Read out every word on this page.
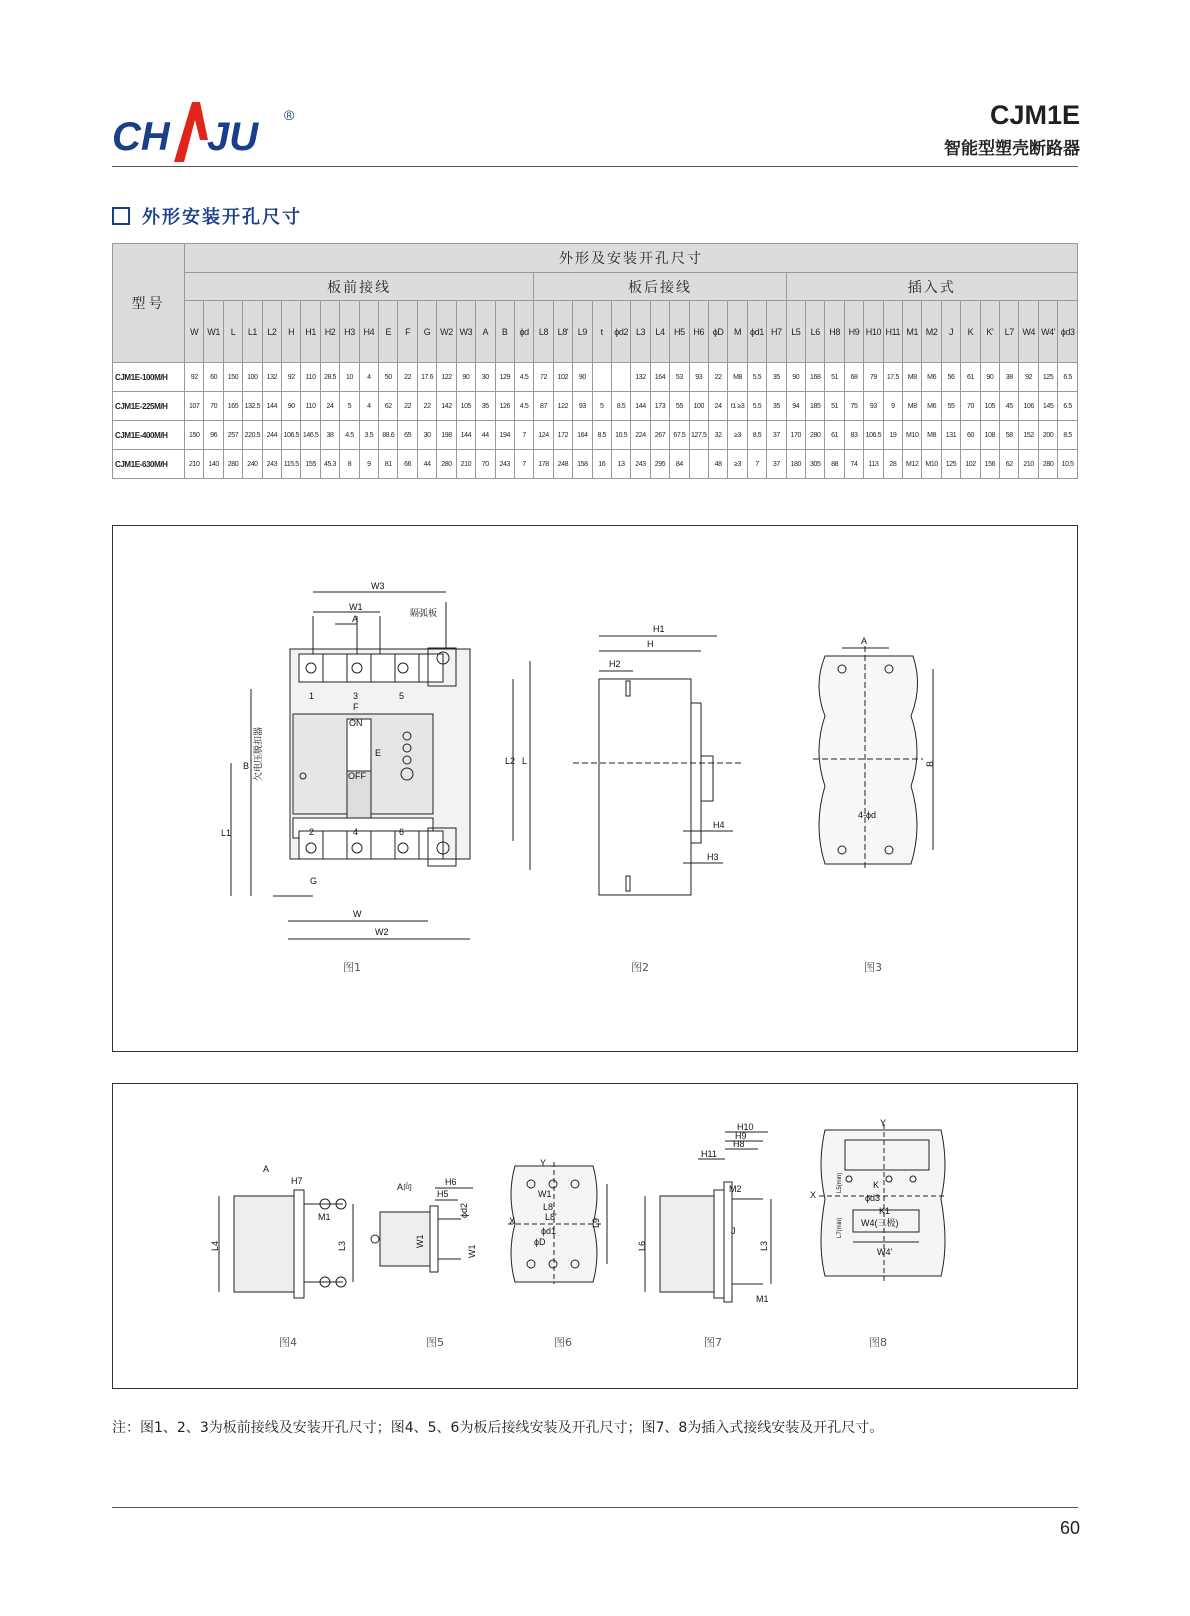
CH JU ®	CJM1E
智能型塑壳断路器
外形安装开孔尺寸
型号	外形及安装开孔尺寸																																													
	板前接线																		板后接线													插入式														
	W	W1	L	L1	L2	H	H1	H2	H3	H4	E	F	G	W2	W3	A	B	ϕd	L8	L8'	L9	t	ϕd2	L3	L4	H5	H6	ϕD	M	ϕd1	H7	L5	L6	H8	H9	H10	H11	M1	M2	J	K	K'	L7	W4	W4'	ϕd3
CJM1E-100M/H	92	60	150	100	132	92	110	28.5	10	4	50	22	17.6	122	90	30	129	4.5	72	102	90			132	164	53	93	22	M8	5.5	35	90	168	51	68	79	17.5	M8	M6	56	61	90	38	92	125	6.5
CJM1E-225M/H	107	70	165	132.5	144	90	110	24	5	4	62	22	22	142	105	35	126	4.5	87	122	93	5	8.5	144	173	55	100	24	t1 ≥3	5.5	35	94	185	51	75	93	9	M8	M6	55	70	105	45	106	145	6.5
CJM1E-400M/H	150	96	257	220.5	244	106.5	146.5	38	4.5	3.5	88.6	65	30	198	144	44	194	7	124	172	164	8.5	10.5	224	267	67.5	127.5	32	≥3	8.5	37	170	280	61	83	106.5	19	M10	M8	131	60	108	58	152	200	8.5
CJM1E-630M/H	210	140	280	240	243	115.5	155	45.3	8	9	81	66	44	280	210	70	243	7	178	248	158	16	13	243	295	84		48	≥3	7	37	180	305	88	74	113	28	M12	M10	125	102	156	62	210	280	10.5
W3
W1
A
隔弧板
1	3	5
2	4	6
F
ON
OFF
E
B 欠电压脱扣器
L1
L2 L
G
W
W2
H1
H
H2
H4
H3
A
B
4-ϕd
图1	图2	图3
A
H7
M1
L4	L3
A向	H6
H5
W1
ϕd2
W1
Y
X
W1
L8
L8'
ϕd1
ϕD
L9
H10
H9
H8
H11
L6	L3
J
M2
M1
Y
X
K
ϕd3
K1
W4(三极)
W4'
L5(min)
L7(min)
图4	图5	图6	图7	图8
注：图1、2、3为板前接线及安装开孔尺寸；图4、5、6为板后接线安装及开孔尺寸；图7、8为插入式接线安装及开孔尺寸。
60
